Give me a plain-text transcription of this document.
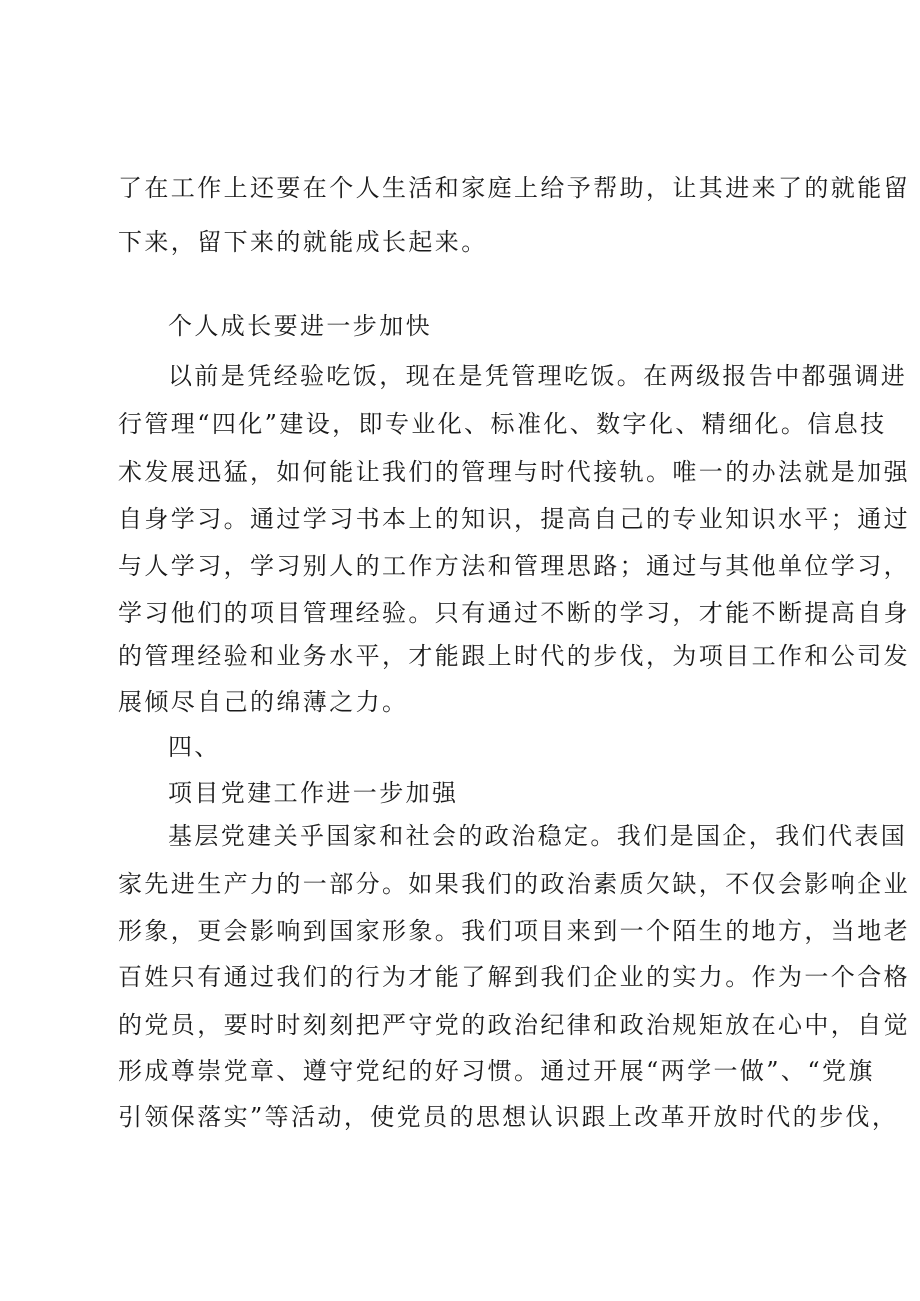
了在工作上还要在个人生活和家庭上给予帮助，让其进来了的就能留
下来，留下来的就能成长起来。
个人成长要进一步加快
以前是凭经验吃饭，现在是凭管理吃饭。在两级报告中都强调进
行管理“四化”建设，即专业化、标准化、数字化、精细化。信息技
术发展迅猛，如何能让我们的管理与时代接轨。唯一的办法就是加强
自身学习。通过学习书本上的知识，提高自己的专业知识水平；通过
与人学习，学习别人的工作方法和管理思路；通过与其他单位学习，
学习他们的项目管理经验。只有通过不断的学习，才能不断提高自身
的管理经验和业务水平，才能跟上时代的步伐，为项目工作和公司发
展倾尽自己的绵薄之力。
四、
项目党建工作进一步加强
基层党建关乎国家和社会的政治稳定。我们是国企，我们代表国
家先进生产力的一部分。如果我们的政治素质欠缺，不仅会影响企业
形象，更会影响到国家形象。我们项目来到一个陌生的地方，当地老
百姓只有通过我们的行为才能了解到我们企业的实力。作为一个合格
的党员，要时时刻刻把严守党的政治纪律和政治规矩放在心中，自觉
形成尊崇党章、遵守党纪的好习惯。通过开展“两学一做”、“党旗
引领保落实”等活动，使党员的思想认识跟上改革开放时代的步伐，
